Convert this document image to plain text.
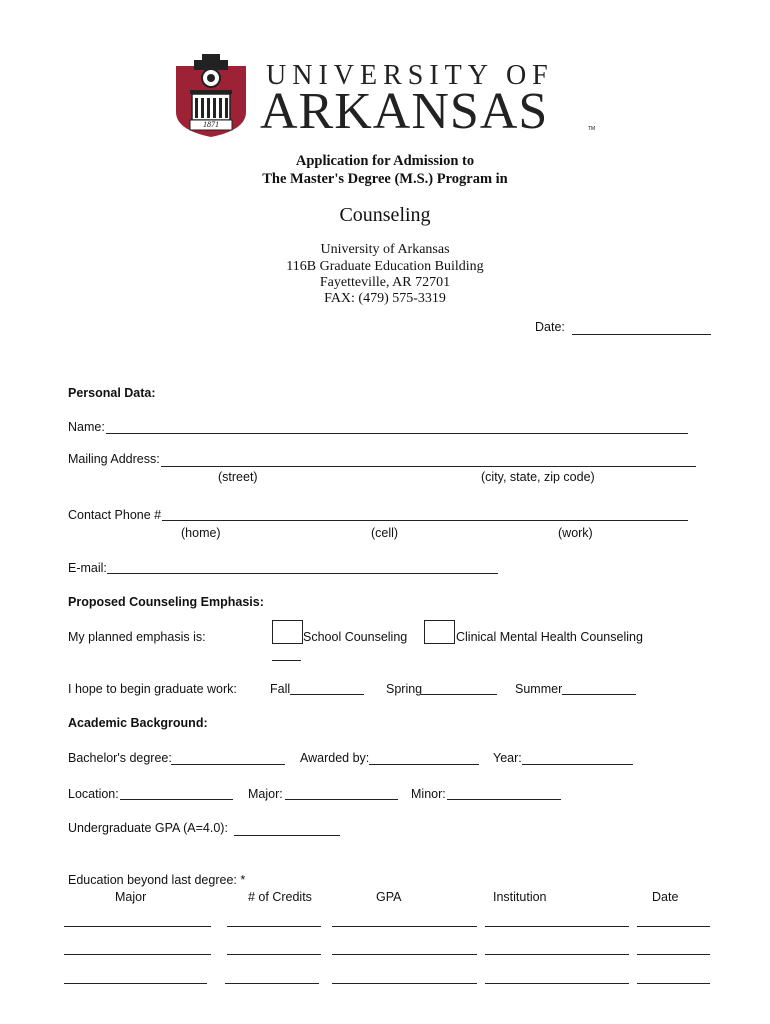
1871
UNIVERSITY OF
ARKANSAS	TM
Application for Admission to
The Master's Degree (M.S.) Program in
Counseling
University of Arkansas
116B Graduate Education Building
Fayetteville, AR 72701
FAX: (479) 575-3319
Date:
Personal Data:
Name:
Mailing Address:
(street)	(city, state, zip code)
Contact Phone #
(home)	(cell)	(work)
E-mail:
Proposed Counseling Emphasis:
My planned emphasis is:	School Counseling	Clinical Mental Health Counseling
I hope to begin graduate work:	Fall	Spring	Summer
Academic Background:
Bachelor's degree:	Awarded by:	Year:
Location:	Major:	Minor:
Undergraduate GPA (A=4.0):
Education beyond last degree: *
Major	# of Credits	GPA	Institution	Date
